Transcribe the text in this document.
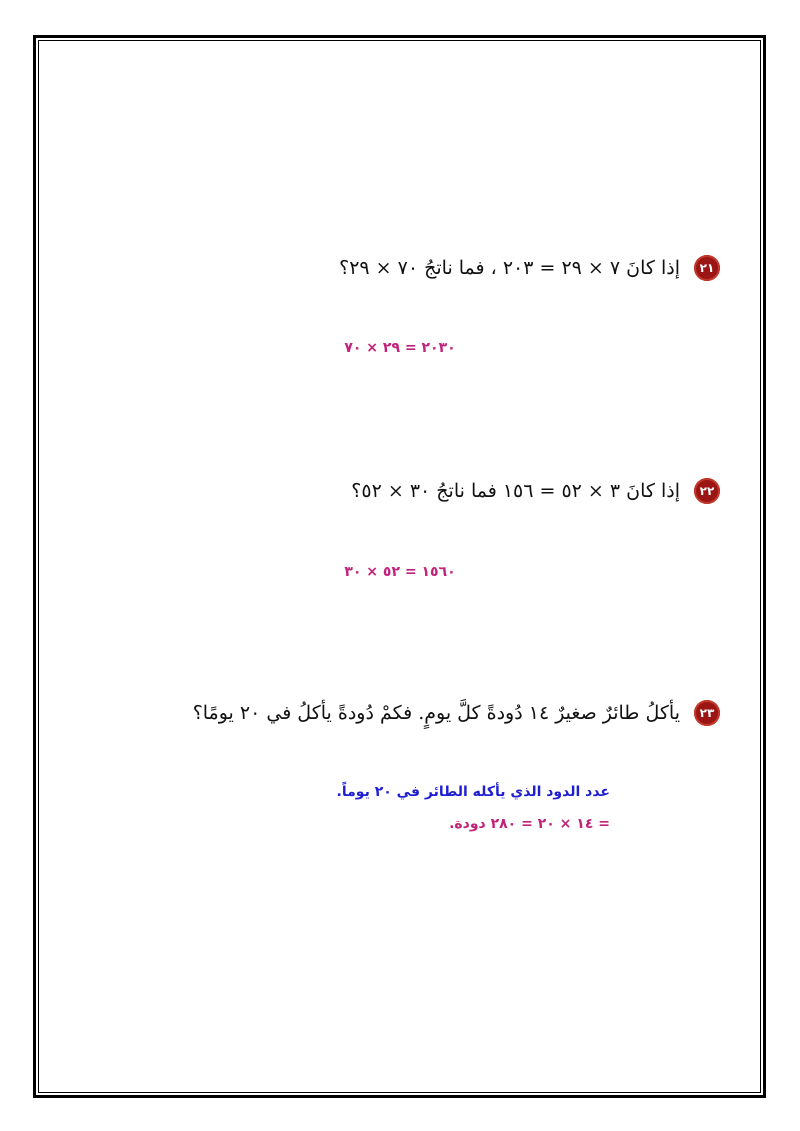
٢١
إذا كانَ ٧ × ٢٩ = ٢٠٣ ، فما ناتجُ ٧٠ × ٢٩؟
٢٠٣٠ = ٢٩ × ٧٠
٢٢
إذا كانَ ٣ × ٥٢ = ١٥٦ فما ناتجُ ٣٠ × ٥٢؟
١٥٦٠ = ٥٢ × ٣٠
٢٣
يأكلُ طائرٌ صغيرٌ ١٤ دُودةً كلَّ يومٍ. فكمْ دُودةً يأكلُ في ٢٠ يومًا؟
عدد الدود الذي يأكله الطائر في ٢٠ يوماً.
= ١٤ × ٢٠ = ٢٨٠ دودة.
